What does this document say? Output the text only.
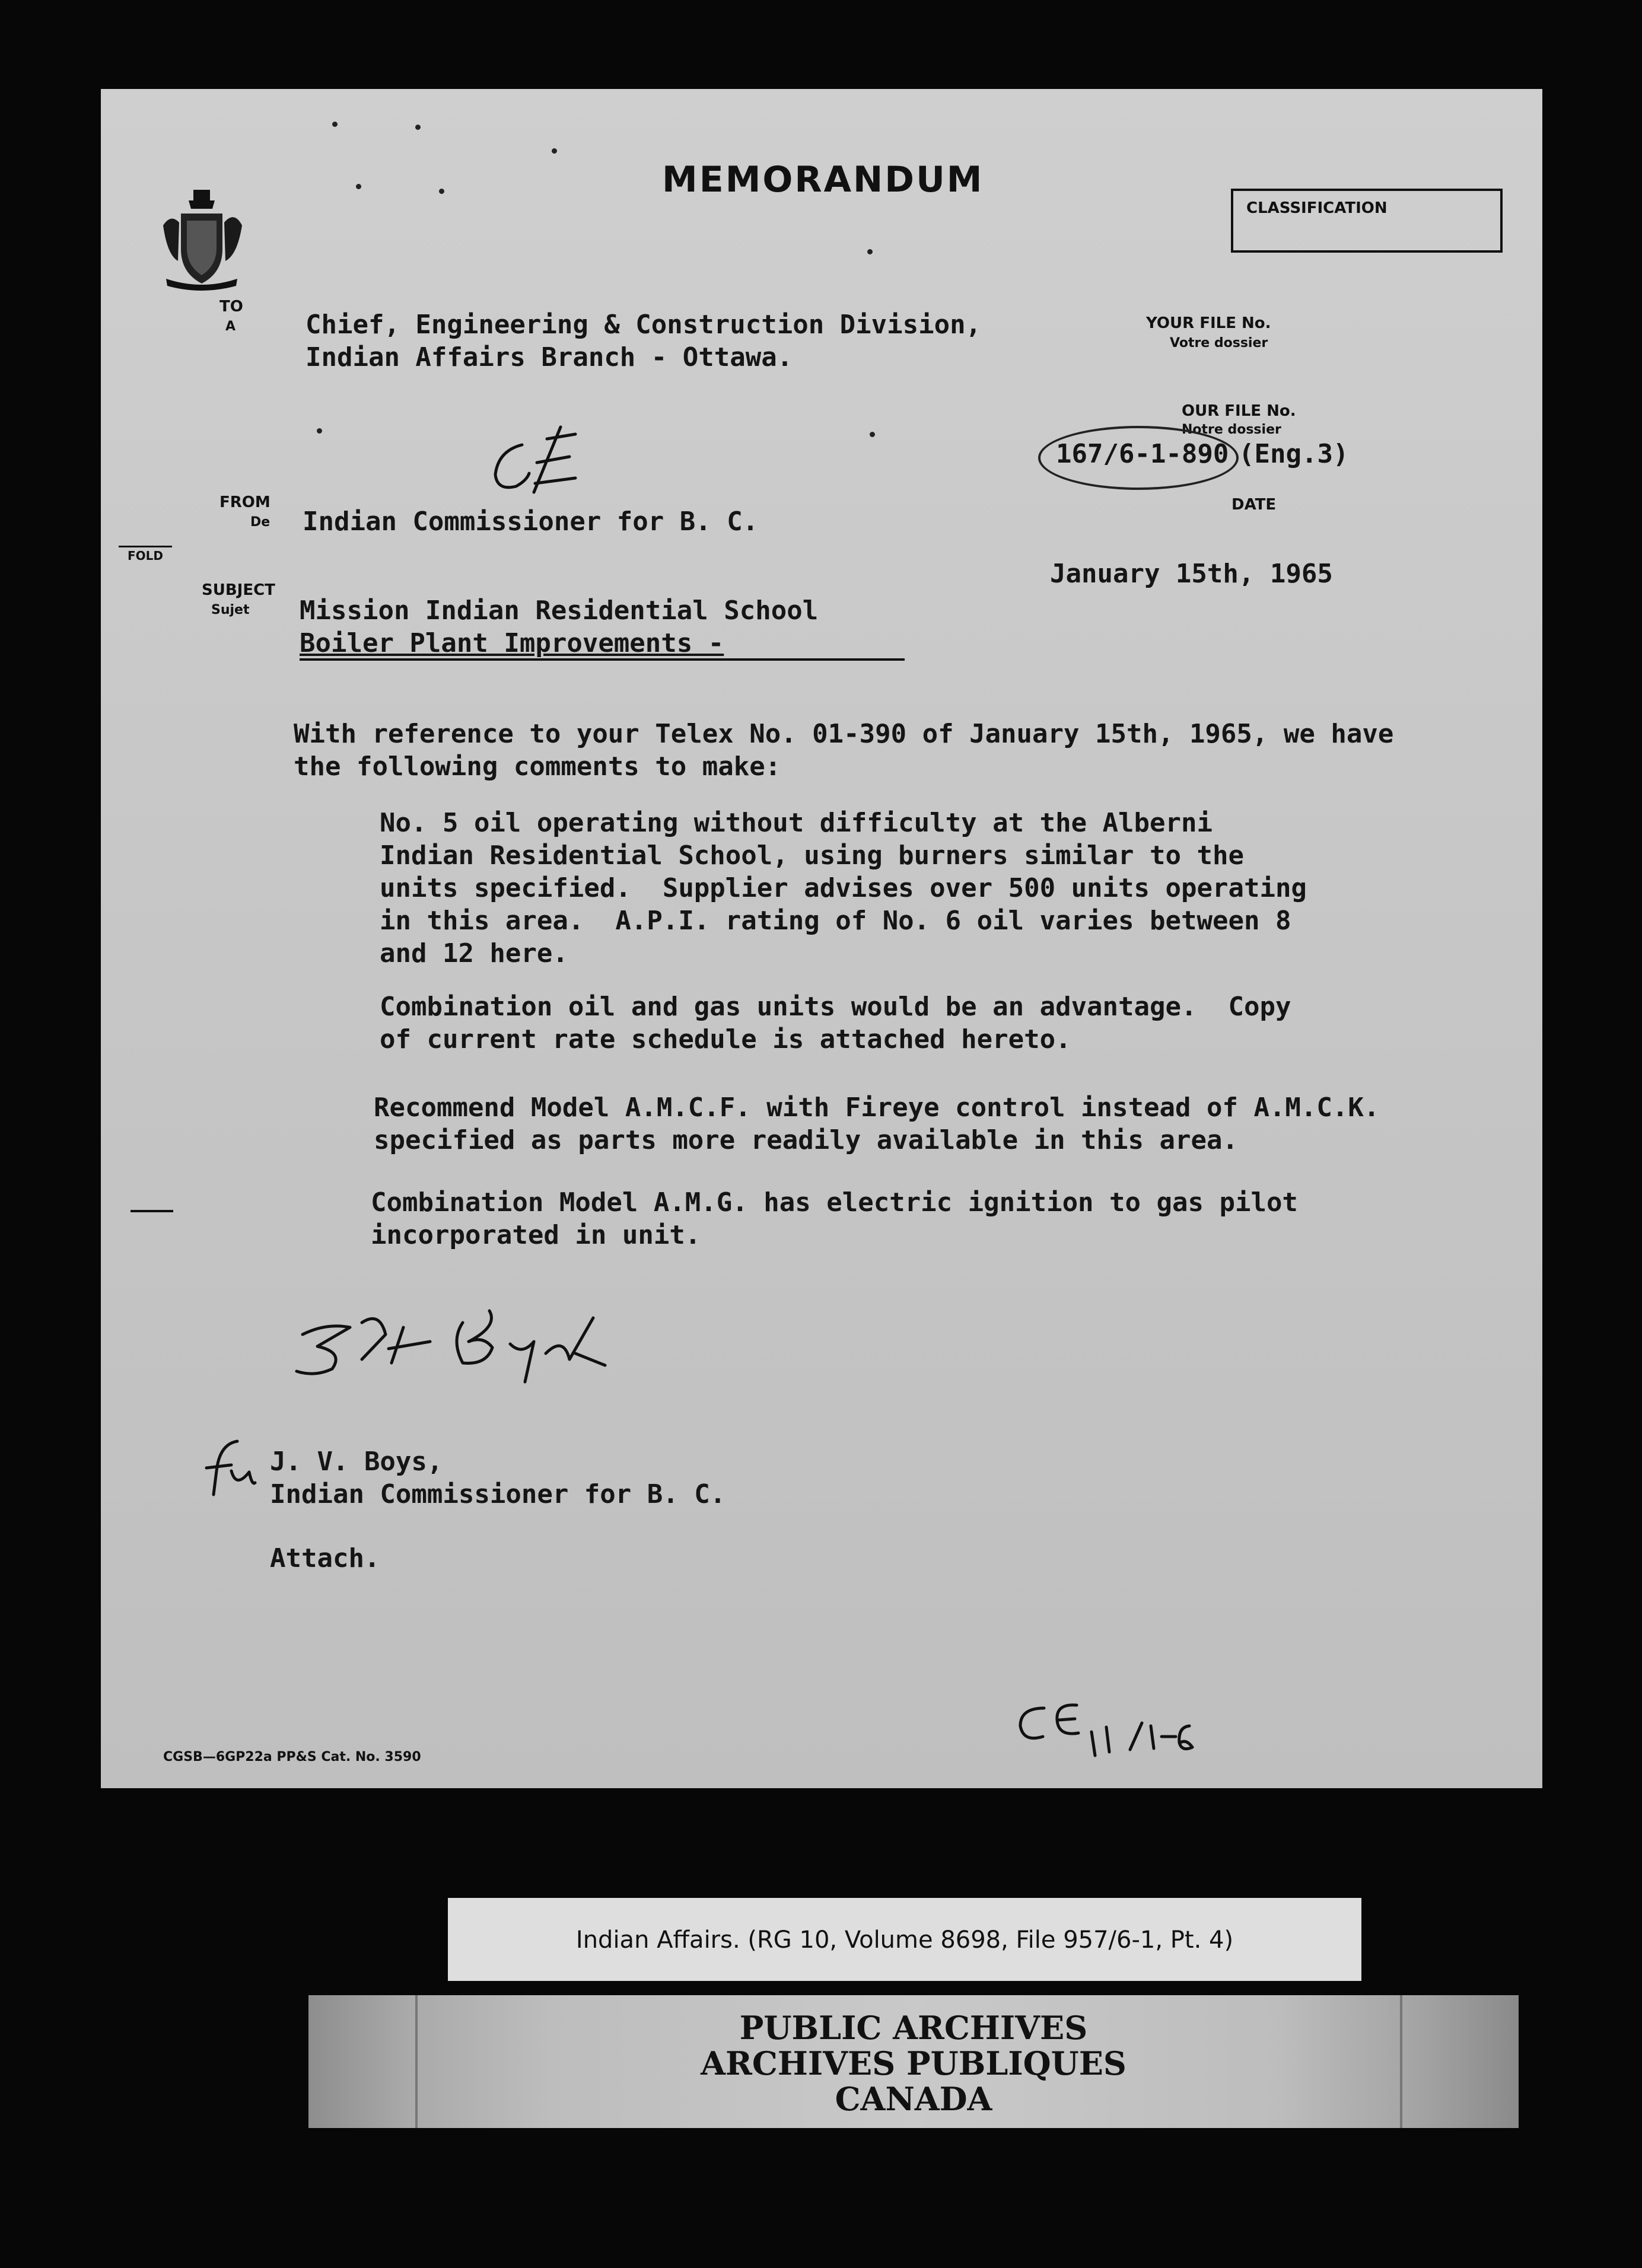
MEMORANDUM
CLASSIFICATION
TO
A	Chief, Engineering & Construction Division,
Indian Affairs Branch - Ottawa.
YOUR FILE No.
Votre dossier
OUR FILE No.
Notre dossier
167/6-1-890 (Eng.3)
FROM
De Indian Commissioner for B. C.
DATE
January 15th, 1965
FOLD
SUBJECT
Sujet Mission Indian Residential School
Boiler Plant Improvements -
With reference to your Telex No. 01-390 of January 15th, 1965, we have
the following comments to make:
No. 5 oil operating without difficulty at the Alberni
Indian Residential School, using burners similar to the
units specified.  Supplier advises over 500 units operating
in this area.  A.P.I. rating of No. 6 oil varies between 8
and 12 here.
Combination oil and gas units would be an advantage.  Copy
of current rate schedule is attached hereto.
Recommend Model A.M.C.F. with Fireye control instead of A.M.C.K.
specified as parts more readily available in this area.
Combination Model A.M.G. has electric ignition to gas pilot
incorporated in unit.
J. V. Boys,
Indian Commissioner for B. C.
Attach.
CGSB—6GP22a PP&S Cat. No. 3590
Indian Affairs. (RG 10, Volume 8698, File 957/6-1, Pt. 4)
PUBLIC ARCHIVES
ARCHIVES PUBLIQUES
CANADA
